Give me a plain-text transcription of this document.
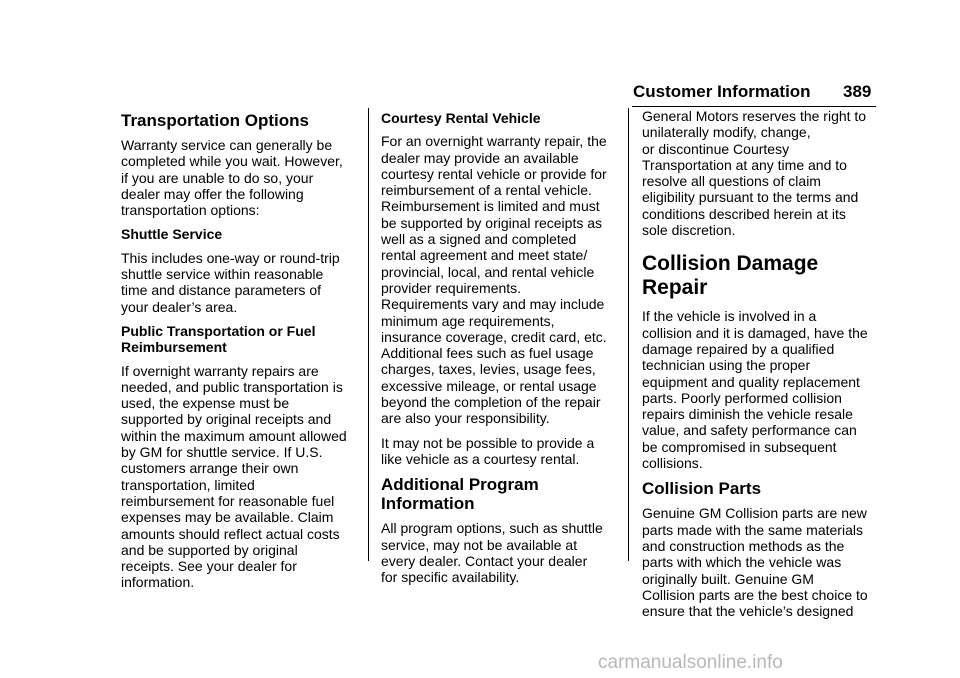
Customer Information 389
Transportation Options

Warranty service can generally be
completed while you wait. However,
if you are unable to do so, your
dealer may offer the following
transportation options:

Shuttle Service

This includes one-way or round-trip
shuttle service within reasonable
time and distance parameters of
your dealer’s area.

Public Transportation or Fuel
Reimbursement

If overnight warranty repairs are
needed, and public transportation is
used, the expense must be
supported by original receipts and
within the maximum amount allowed
by GM for shuttle service. If U.S.
customers arrange their own
transportation, limited
reimbursement for reasonable fuel
expenses may be available. Claim
amounts should reflect actual costs
and be supported by original
receipts. See your dealer for
information.

Courtesy Rental Vehicle

For an overnight warranty repair, the
dealer may provide an available
courtesy rental vehicle or provide for
reimbursement of a rental vehicle.
Reimbursement is limited and must
be supported by original receipts as
well as a signed and completed
rental agreement and meet state/
provincial, local, and rental vehicle
provider requirements.
Requirements vary and may include
minimum age requirements,
insurance coverage, credit card, etc.
Additional fees such as fuel usage
charges, taxes, levies, usage fees,
excessive mileage, or rental usage
beyond the completion of the repair
are also your responsibility.

It may not be possible to provide a
like vehicle as a courtesy rental.

Additional Program
Information

All program options, such as shuttle
service, may not be available at
every dealer. Contact your dealer
for specific availability.

General Motors reserves the right to
unilaterally modify, change,
or discontinue Courtesy
Transportation at any time and to
resolve all questions of claim
eligibility pursuant to the terms and
conditions described herein at its
sole discretion.

Collision Damage Repair

If the vehicle is involved in a
collision and it is damaged, have the
damage repaired by a qualified
technician using the proper
equipment and quality replacement
parts. Poorly performed collision
repairs diminish the vehicle resale
value, and safety performance can
be compromised in subsequent
collisions.

Collision Parts

Genuine GM Collision parts are new
parts made with the same materials
and construction methods as the
parts with which the vehicle was
originally built. Genuine GM
Collision parts are the best choice to
ensure that the vehicle’s designed

carmanualsonline.info
